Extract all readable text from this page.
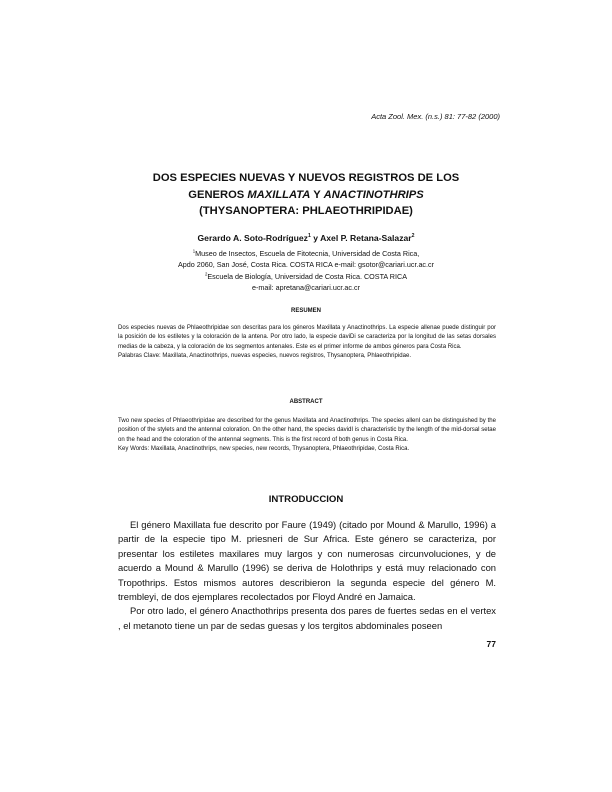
Acta Zool. Mex. (n.s.) 81: 77-82 (2000)
DOS ESPECIES NUEVAS Y NUEVOS REGISTROS DE LOS
GENEROS MAXILLATA Y ANACTINOTHRIPS
(THYSANOPTERA: PHLAEOTHRIPIDAE)
Gerardo A. Soto-Rodríguez$^1$ y Axel P. Retana-Salazar$^2$
$^1$Museo de Insectos, Escuela de Fitotecnia, Universidad de Costa Rica,
Apdo 2060, San José, Costa Rica. COSTA RICA e-mail: gsotor@cariari.ucr.ac.cr
$^2$Escuela de Biología, Universidad de Costa Rica. COSTA RICA
e-mail: apretana@cariari.ucr.ac.cr
RESUMEN
Dos especies nuevas de Phlaeothripidae son descritas para los géneros Maxillata y Anactinothrips. La especie allenae puede distinguir por la posición de los estiletes y la coloración de la antena. Por otro lado, la especie daviDi se caracteriza por la longitud de las setas dorsales medias de la cabeza, y la coloración de los segmentos antenales. Este es el primer informe de ambos géneros para Costa Rica.
Palabras Clave: Maxillata, Anactinothrips, nuevas especies, nuevos registros, Thysanoptera, Phlaeothripidae.
ABSTRACT
Two new species of Phlaeothripidae are described for the genus Maxillata and Anactinothrips. The species allenI can be distinguished by the position of the stylets and the antennal coloration. On the other hand, the species davidI is characteristic by the length of the mid-dorsal setae on the head and the coloration of the antennal segments. This is the first record of both genus in Costa Rica.
Key Words: Maxillata, Anactinothrips, new species, new records, Thysanoptera, Phlaeothripidae, Costa Rica.
INTRODUCCION

El género Maxillata fue descrito por Faure (1949) (citado por Mound & Marullo, 1996) a partir de la especie tipo M. priesneri de Sur Africa. Este género se caracteriza, por presentar los estiletes maxilares muy largos y con numerosas circunvoluciones, y de acuerdo a Mound & Marullo (1996) se deriva de Holothrips y está muy relacionado con Tropothrips. Estos mismos autores describieron la segunda especie del género M. trembleyi, de dos ejemplares recolectados por Floyd André en Jamaica.

Por otro lado, el género Anacthothrips presenta dos pares de fuertes sedas en el vertex , el metanoto tiene un par de sedas guesas y los tergitos abdominales poseen

77
